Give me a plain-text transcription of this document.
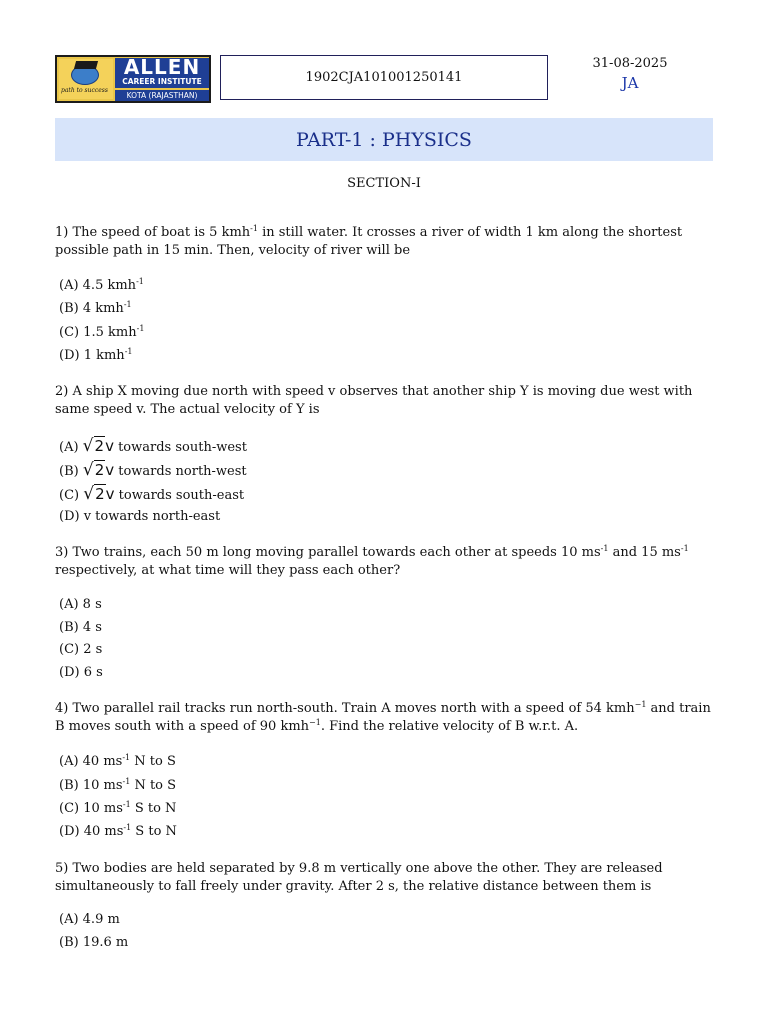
path to success
ALLEN
CAREER INSTITUTE
KOTA (RAJASTHAN)
1902CJA101001250141
31-08-2025
JA
PART-1 : PHYSICS
SECTION-I
1) The speed of boat is 5 kmh$^{-1}$ in still water. It crosses a river of width 1 km along the shortest possible path in 15 min. Then, velocity of river will be
(A) 4.5 kmh$^{-1}$
(B) 4 kmh$^{-1}$
(C) 1.5 kmh$^{-1}$
(D) 1 kmh$^{-1}$
2) A ship X moving due north with speed v observes that another ship Y is moving due west with same speed v. The actual velocity of Y is
(A) √2v towards south-west
(B) √2v towards north-west
(C) √2v towards south-east
(D) v towards north-east
3) Two trains, each 50 m long moving parallel towards each other at speeds 10 $ms^{-1}$ and 15 $ms^{-1}$ respectively, at what time will they pass each other?
(A) 8 s
(B) 4 s
(C) 2 s
(D) 6 s
4) Two parallel rail tracks run north-south. Train A moves north with a speed of 54 kmh$^{-1}$ and train B moves south with a speed of 90 kmh$^{-1}$. Find the relative velocity of B w.r.t. A.
(A) 40 $ms^{-1}$ N to S
(B) 10 $ms^{-1}$ N to S
(C) 10 $ms^{-1}$ S to N
(D) 40 $ms^{-1}$ S to N
5) Two bodies are held separated by 9.8 m vertically one above the other. They are released simultaneously to fall freely under gravity. After 2 s, the relative distance between them is
(A) 4.9 m
(B) 19.6 m
